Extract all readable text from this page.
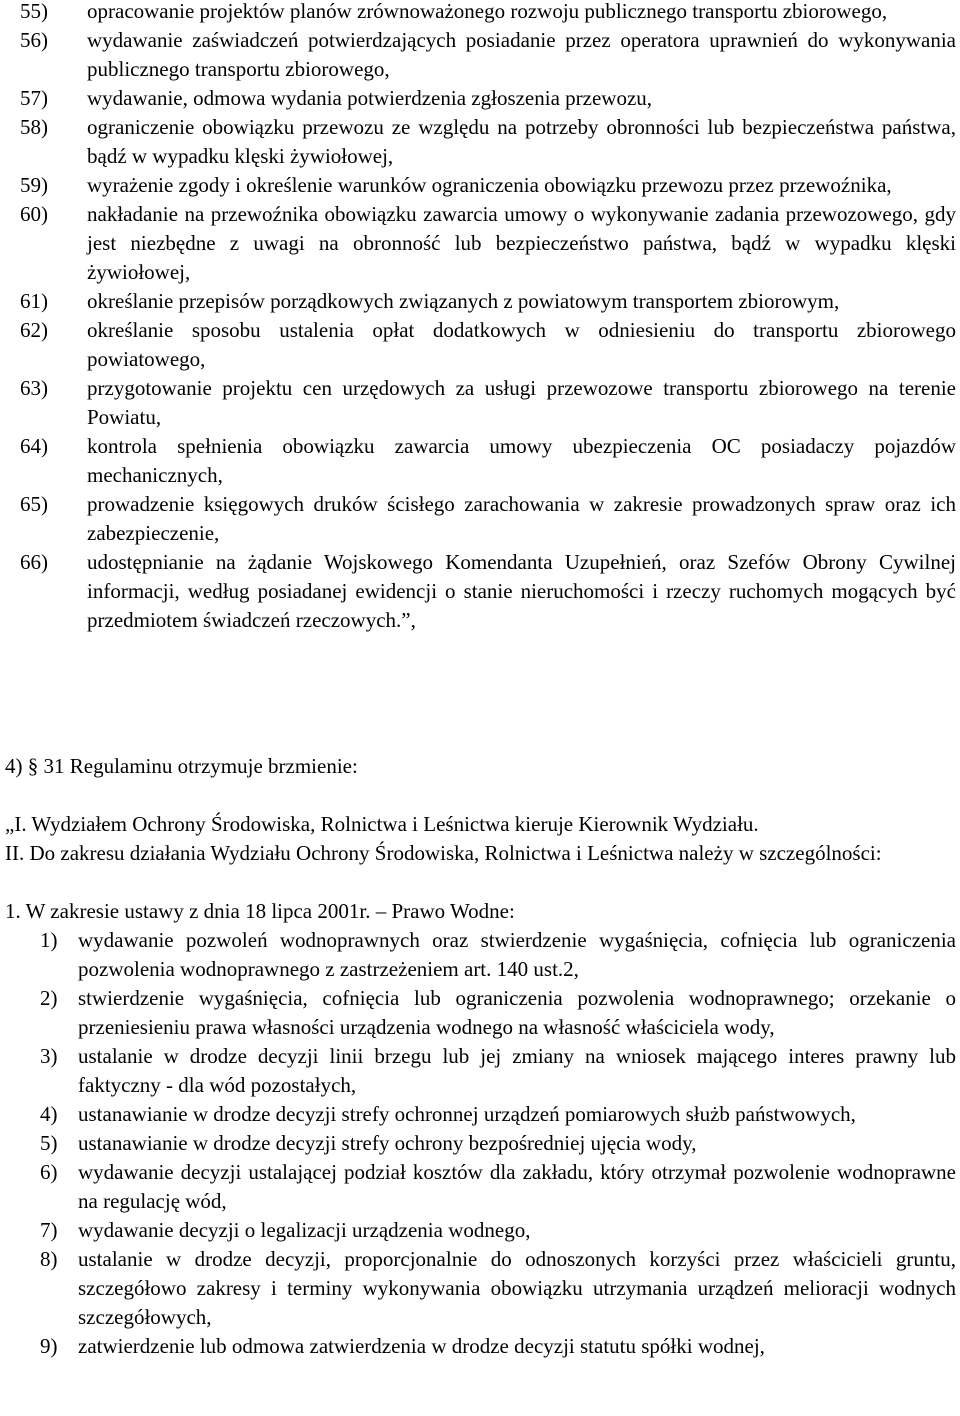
55) opracowanie projektów planów zrównoważonego rozwoju publicznego transportu zbiorowego,
56) wydawanie zaświadczeń potwierdzających posiadanie przez operatora uprawnień do wykonywania publicznego transportu zbiorowego,
57) wydawanie, odmowa wydania potwierdzenia zgłoszenia przewozu,
58) ograniczenie obowiązku przewozu ze względu na potrzeby obronności lub bezpieczeństwa państwa, bądź w wypadku klęski żywiołowej,
59) wyrażenie zgody i określenie warunków ograniczenia obowiązku przewozu przez przewoźnika,
60) nakładanie na przewoźnika obowiązku zawarcia umowy o wykonywanie zadania przewozowego, gdy jest niezbędne z uwagi na obronność lub bezpieczeństwo państwa, bądź w wypadku klęski żywiołowej,
61) określanie przepisów porządkowych związanych z powiatowym transportem zbiorowym,
62) określanie sposobu ustalenia opłat dodatkowych w odniesieniu do transportu zbiorowego powiatowego,
63) przygotowanie projektu cen urzędowych za usługi przewozowe transportu zbiorowego na terenie Powiatu,
64) kontrola spełnienia obowiązku zawarcia umowy ubezpieczenia OC posiadaczy pojazdów mechanicznych,
65) prowadzenie księgowych druków ścisłego zarachowania w zakresie prowadzonych spraw oraz ich zabezpieczenie,
66) udostępnianie na żądanie Wojskowego Komendanta Uzupełnień, oraz Szefów Obrony Cywilnej informacji, według posiadanej ewidencji o stanie nieruchomości i rzeczy ruchomych mogących być przedmiotem świadczeń rzeczowych.”,
4) § 31 Regulaminu otrzymuje brzmienie:
„I. Wydziałem Ochrony Środowiska, Rolnictwa i Leśnictwa kieruje Kierownik Wydziału.
II. Do zakresu działania Wydziału Ochrony Środowiska, Rolnictwa i Leśnictwa należy w szczególności:
1. W zakresie ustawy z dnia 18 lipca 2001r. – Prawo Wodne:
1) wydawanie pozwoleń wodnoprawnych oraz stwierdzenie wygaśnięcia, cofnięcia lub ograniczenia pozwolenia wodnoprawnego z zastrzeżeniem art. 140 ust.2,
2) stwierdzenie wygaśnięcia, cofnięcia lub ograniczenia pozwolenia wodnoprawnego; orzekanie o przeniesieniu prawa własności urządzenia wodnego na własność właściciela wody,
3) ustalanie w drodze decyzji linii brzegu lub jej zmiany na wniosek mającego interes prawny lub faktyczny - dla wód pozostałych,
4) ustanawianie w drodze decyzji strefy ochronnej urządzeń pomiarowych służb państwowych,
5) ustanawianie w drodze decyzji strefy ochrony bezpośredniej ujęcia wody,
6) wydawanie decyzji ustalającej podział kosztów dla zakładu, który otrzymał pozwolenie wodnoprawne na regulację wód,
7) wydawanie decyzji o legalizacji urządzenia wodnego,
8) ustalanie w drodze decyzji, proporcjonalnie do odnoszonych korzyści przez właścicieli gruntu, szczegółowo zakresy i terminy wykonywania obowiązku utrzymania urządzeń melioracji wodnych szczegółowych,
9) zatwierdzenie lub odmowa zatwierdzenia w drodze decyzji statutu spółki wodnej,
